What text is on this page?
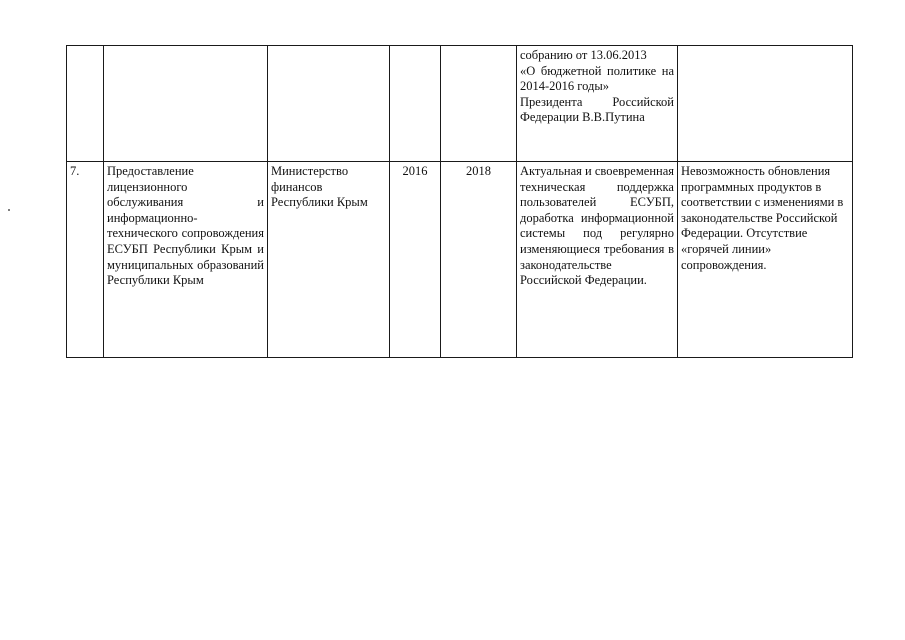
					собранию от 13.06.2013
«О бюджетной политике на 2014-2016 годы»
Президента Российской Федерации В.В.Путина	
7.	Предоставление лицензионного обслуживания и информационно-технического сопровождения ЕСУБП Республики Крым и муниципальных образований Республики Крым	Министерство финансов Республики Крым	2016	2018	Актуальная и своевременная техническая поддержка пользователей ЕСУБП, доработка информационной системы под регулярно изменяющиеся требования в законодательстве Российской Федерации.	Невозможность обновления программных продуктов в соответствии с изменениями в законодательстве Российской Федерации. Отсутствие «горячей линии» сопровождения.
